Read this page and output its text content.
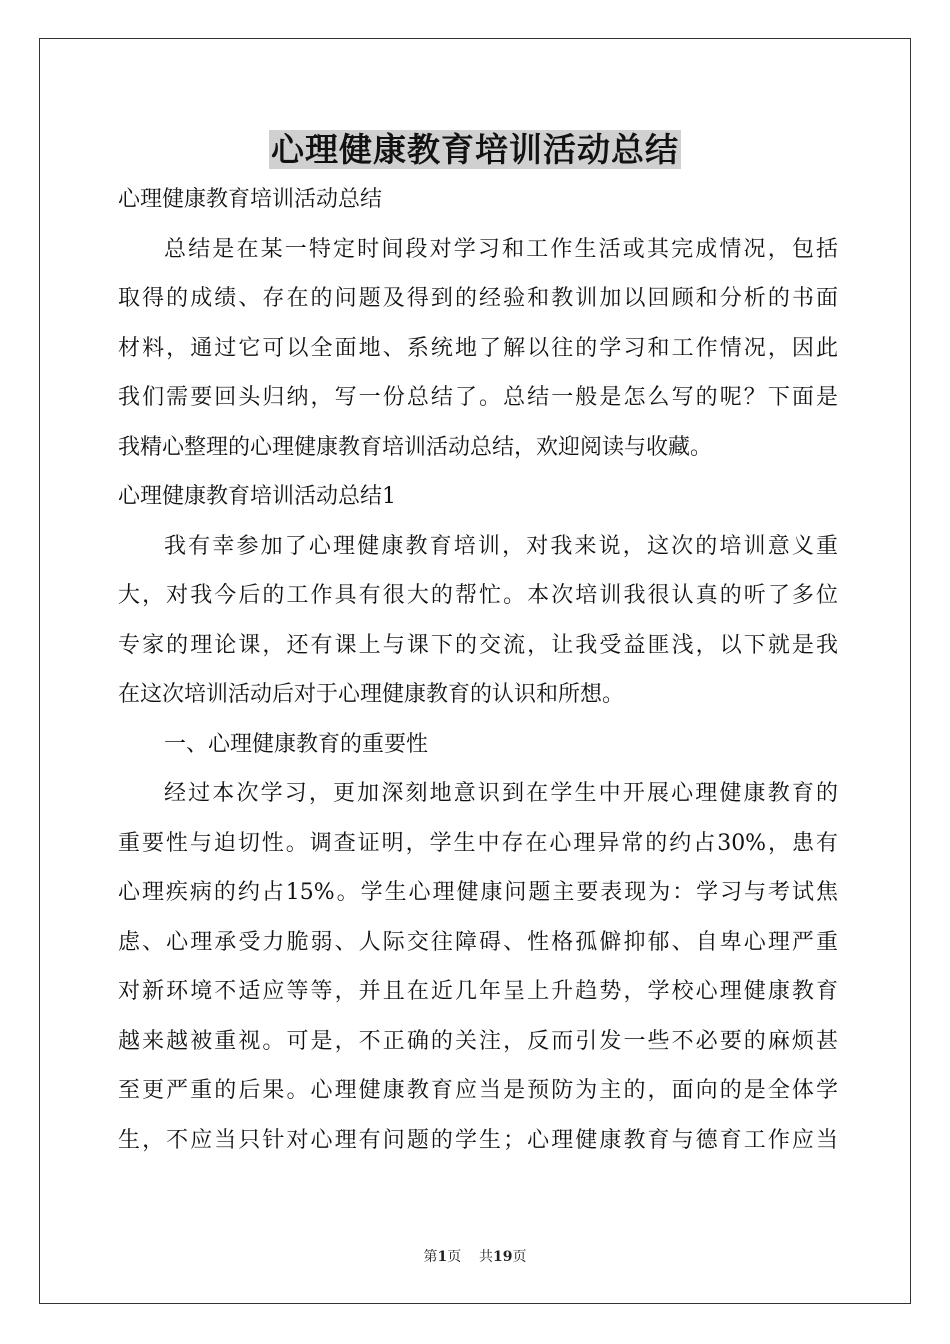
心理健康教育培训活动总结

心理健康教育培训活动总结

总结是在某一特定时间段对学习和工作生活或其完成情况，包括

取得的成绩、存在的问题及得到的经验和教训加以回顾和分析的书面

材料，通过它可以全面地、系统地了解以往的学习和工作情况，因此

我们需要回头归纳，写一份总结了。总结一般是怎么写的呢？下面是

我精心整理的心理健康教育培训活动总结，欢迎阅读与收藏。

心理健康教育培训活动总结1

我有幸参加了心理健康教育培训，对我来说，这次的培训意义重

大，对我今后的工作具有很大的帮忙。本次培训我很认真的听了多位

专家的理论课，还有课上与课下的交流，让我受益匪浅，以下就是我

在这次培训活动后对于心理健康教育的认识和所想。

一、心理健康教育的重要性

经过本次学习，更加深刻地意识到在学生中开展心理健康教育的

重要性与迫切性。调查证明，学生中存在心理异常的约占30%，患有

心理疾病的约占15%。学生心理健康问题主要表现为：学习与考试焦

虑、心理承受力脆弱、人际交往障碍、性格孤僻抑郁、自卑心理严重

对新环境不适应等等，并且在近几年呈上升趋势，学校心理健康教育

越来越被重视。可是，不正确的关注，反而引发一些不必要的麻烦甚

至更严重的后果。心理健康教育应当是预防为主的，面向的是全体学

生，不应当只针对心理有问题的学生；心理健康教育与德育工作应当

第1页 共19页
